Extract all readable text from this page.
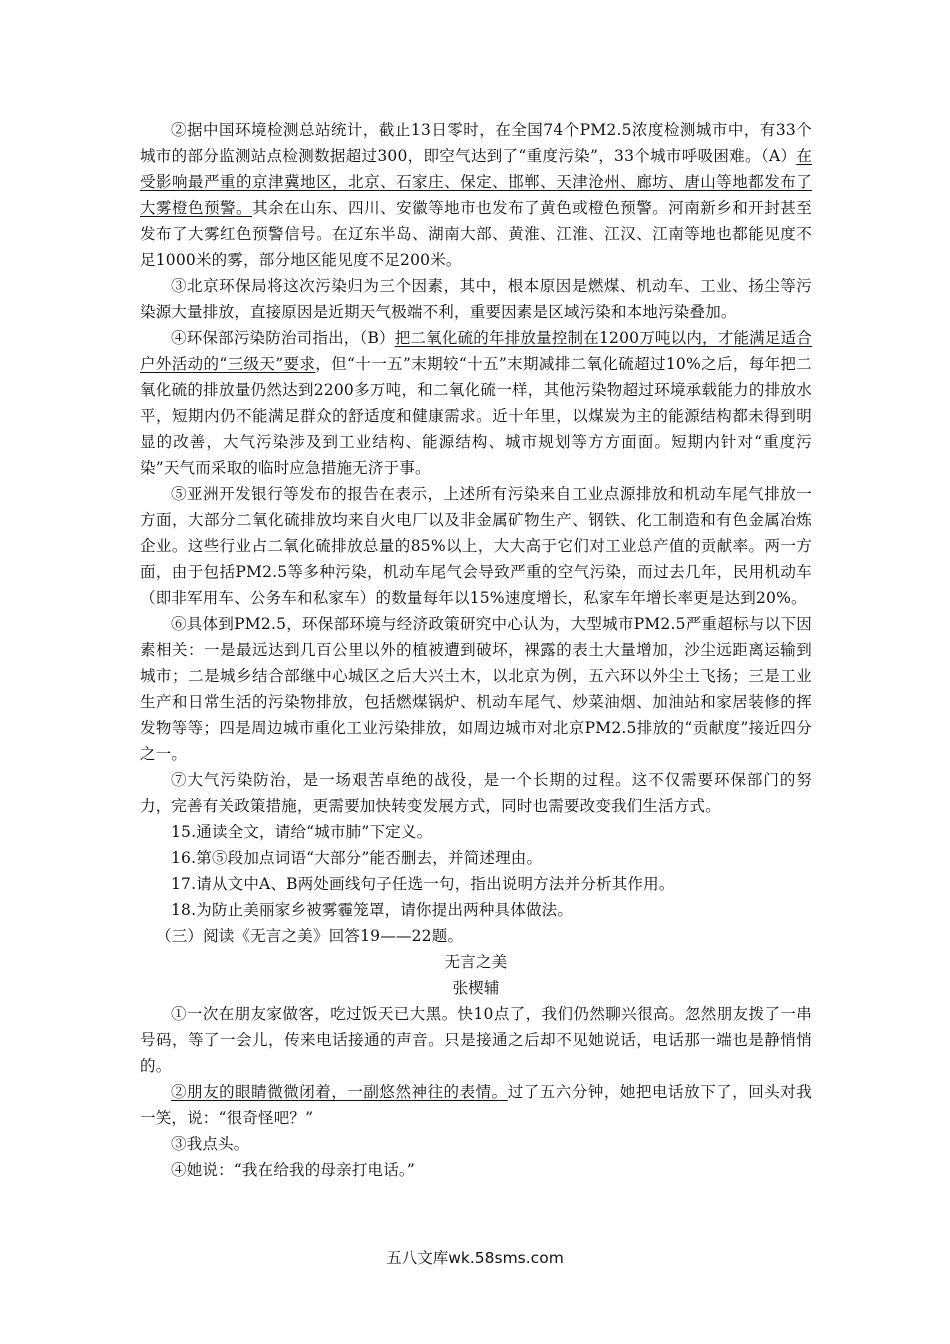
②据中国环境检测总站统计，截止13日零时，在全国74个PM2.5浓度检测城市中，有33个城市的部分监测站点检测数据超过300，即空气达到了“重度污染”，33个城市呼吸困难。（A）在受影响最严重的京津冀地区，北京、石家庄、保定、邯郸、天津沧州、廊坊、唐山等地都发布了大雾橙色预警。其余在山东、四川、安徽等地市也发布了黄色或橙色预警。河南新乡和开封甚至发布了大雾红色预警信号。在辽东半岛、湖南大部、黄淮、江淮、江汉、江南等地也都能见度不足1000米的雾，部分地区能见度不足200米。

③北京环保局将这次污染归为三个因素，其中，根本原因是燃煤、机动车、工业、扬尘等污染源大量排放，直接原因是近期天气极端不利，重要因素是区域污染和本地污染叠加。

④环保部污染防治司指出，（B）把二氧化硫的年排放量控制在1200万吨以内，才能满足适合户外活动的“三级天”要求，但“十一五”末期较“十五”末期减排二氧化硫超过10%之后，每年把二氧化硫的排放量仍然达到2200多万吨，和二氧化硫一样，其他污染物超过环境承载能力的排放水平，短期内仍不能满足群众的舒适度和健康需求。近十年里，以煤炭为主的能源结构都未得到明显的改善，大气污染涉及到工业结构、能源结构、城市规划等方方面面。短期内针对“重度污染”天气而采取的临时应急措施无济于事。

⑤亚洲开发银行等发布的报告在表示，上述所有污染来自工业点源排放和机动车尾气排放一方面，大部分二氧化硫排放均来自火电厂以及非金属矿物生产、钢铁、化工制造和有色金属冶炼企业。这些行业占二氧化硫排放总量的85%以上，大大高于它们对工业总产值的贡献率。两一方面，由于包括PM2.5等多种污染，机动车尾气会导致严重的空气污染，而过去几年，民用机动车（即非军用车、公务车和私家车）的数量每年以15%速度增长，私家车年增长率更是达到20%。

⑥具体到PM2.5，环保部环境与经济政策研究中心认为，大型城市PM2.5严重超标与以下因素相关：一是最远达到几百公里以外的植被遭到破坏，裸露的表土大量增加，沙尘远距离运输到城市；二是城乡结合部继中心城区之后大兴土木，以北京为例，五六环以外尘土飞扬；三是工业生产和日常生活的污染物排放，包括燃煤锅炉、机动车尾气、炒菜油烟、加油站和家居装修的挥发物等等；四是周边城市重化工业污染排放，如周边城市对北京PM2.5排放的“贡献度”接近四分之一。

⑦大气污染防治，是一场艰苦卓绝的战役，是一个长期的过程。这不仅需要环保部门的努力，完善有关政策措施，更需要加快转变发展方式，同时也需要改变我们生活方式。

15.通读全文，请给“城市肺”下定义。

16.第⑤段加点词语“大部分”能否删去，并简述理由。

17.请从文中A、B两处画线句子任选一句，指出说明方法并分析其作用。

18.为防止美丽家乡被雾霾笼罩，请你提出两种具体做法。

（三）阅读《无言之美》回答19——22题。

无言之美

张楔辅

①一次在朋友家做客，吃过饭天已大黑。快10点了，我们仍然聊兴很高。忽然朋友拨了一串号码，等了一会儿，传来电话接通的声音。只是接通之后却不见她说话，电话那一端也是静悄悄的。

②朋友的眼睛微微闭着，一副悠然神往的表情。过了五六分钟，她把电话放下了，回头对我一笑，说：“很奇怪吧？”

③我点头。

④她说：“我在给我的母亲打电话。”

五八文库wk.58sms.com
